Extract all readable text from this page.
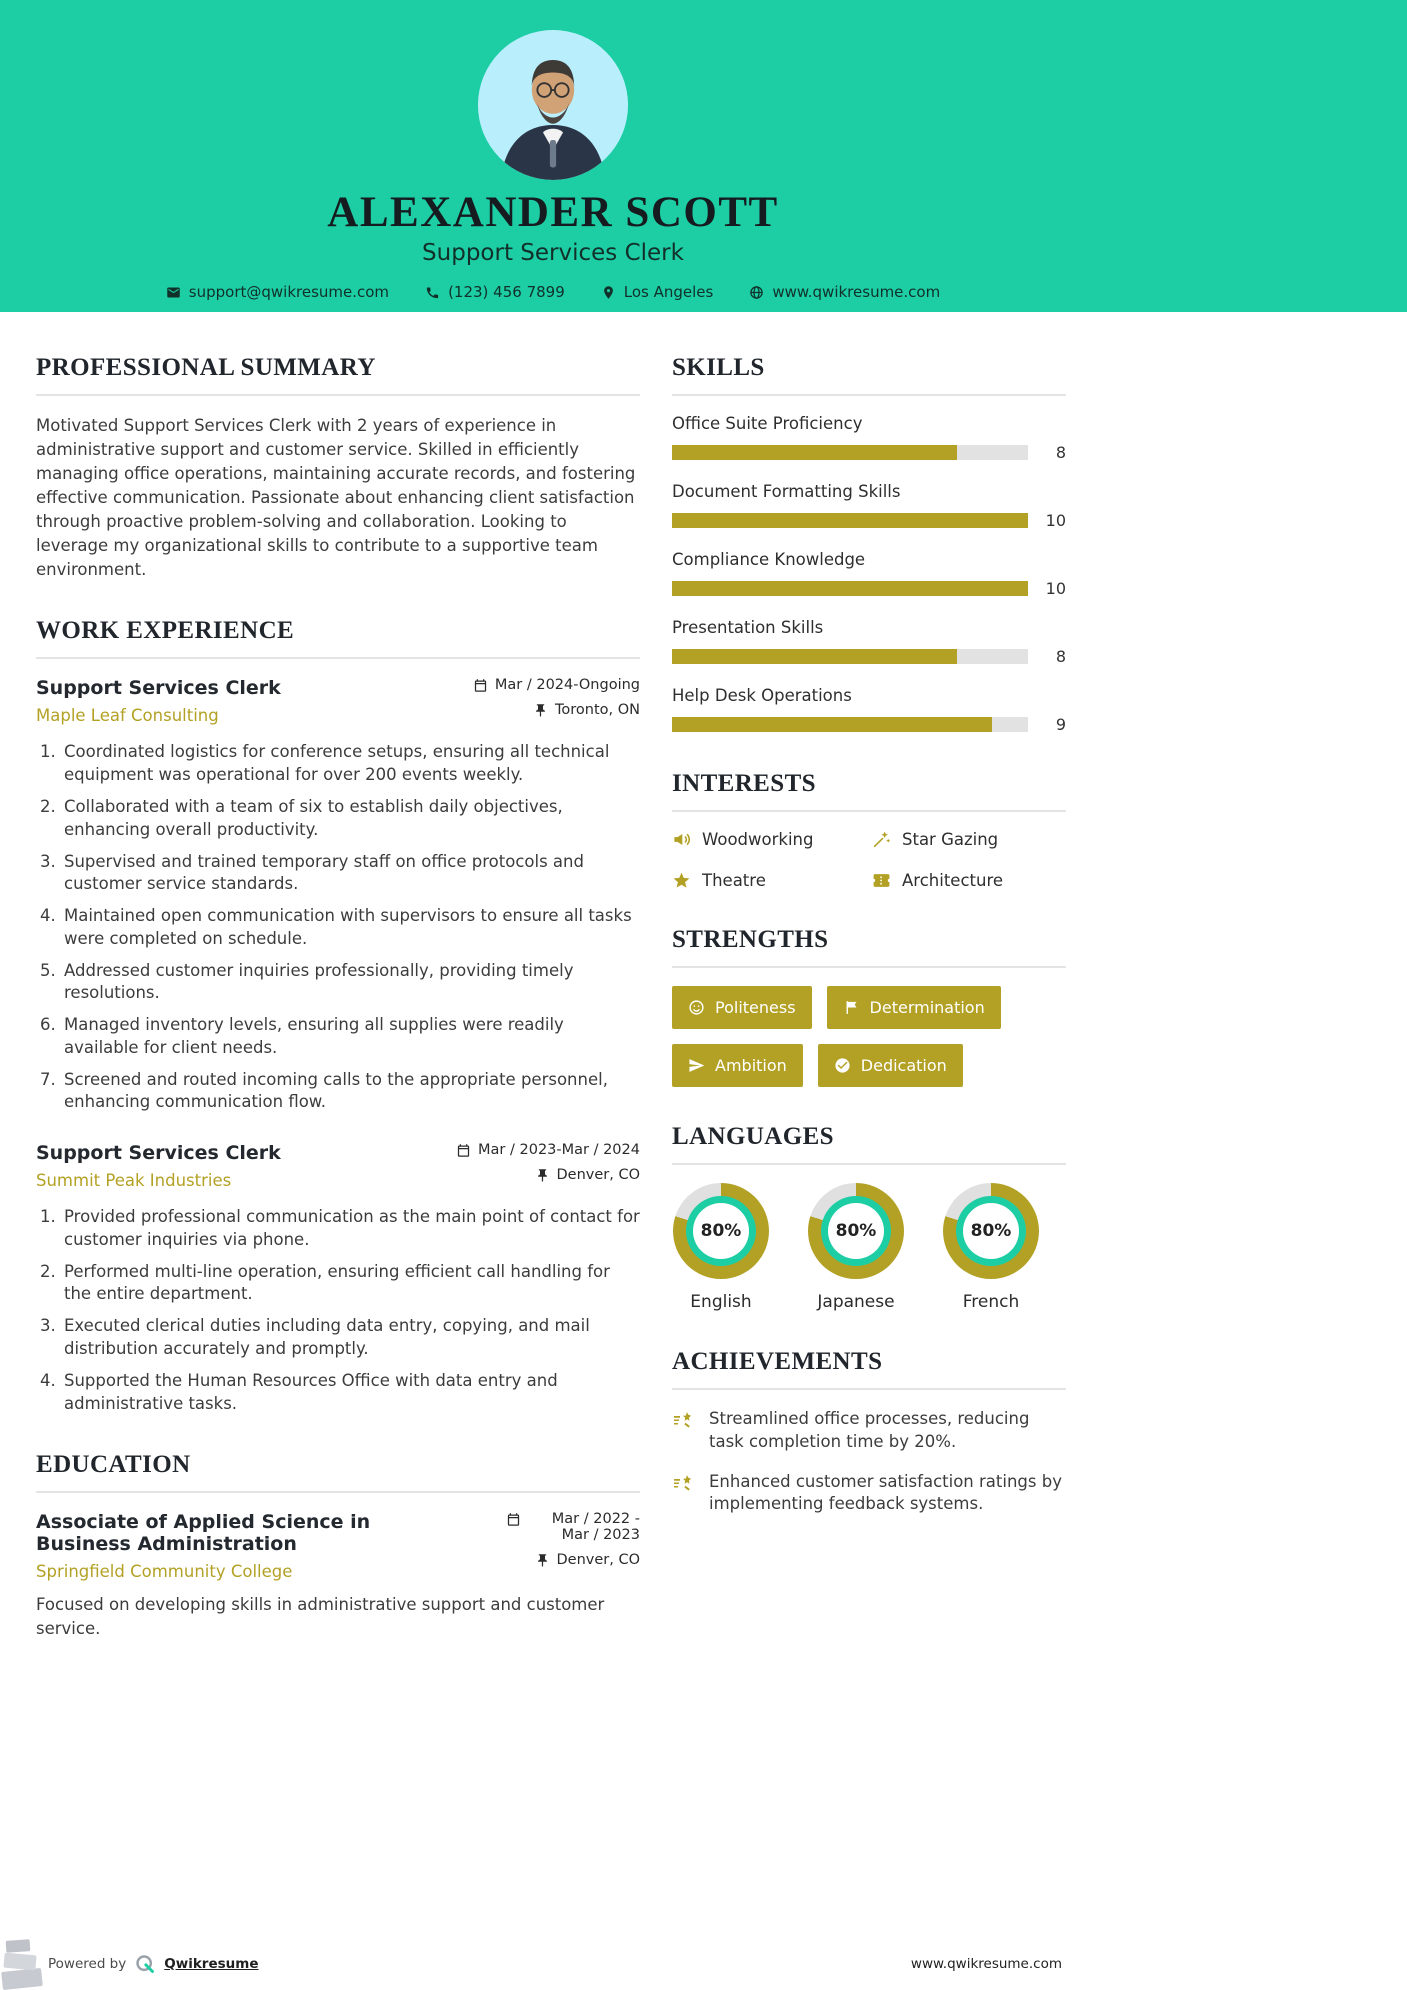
ALEXANDER SCOTT
Support Services Clerk
support@qwikresume.com	(123) 456 7899	Los Angeles	www.qwikresume.com
PROFESSIONAL SUMMARY

Motivated Support Services Clerk with 2 years of experience in administrative support and customer service. Skilled in efficiently managing office operations, maintaining accurate records, and fostering effective communication. Passionate about enhancing client satisfaction through proactive problem-solving and collaboration. Looking to leverage my organizational skills to contribute to a supportive team environment.

WORK EXPERIENCE
Support Services Clerk
Maple Leaf Consulting
Mar / 2024-Ongoing
Toronto, ON
1. Coordinated logistics for conference setups, ensuring all technical equipment was operational for over 200 events weekly.
2. Collaborated with a team of six to establish daily objectives, enhancing overall productivity.
3. Supervised and trained temporary staff on office protocols and customer service standards.
4. Maintained open communication with supervisors to ensure all tasks were completed on schedule.
5. Addressed customer inquiries professionally, providing timely resolutions.
6. Managed inventory levels, ensuring all supplies were readily available for client needs.
7. Screened and routed incoming calls to the appropriate personnel, enhancing communication flow.
Support Services Clerk
Summit Peak Industries
Mar / 2023-Mar / 2024
Denver, CO
1. Provided professional communication as the main point of contact for customer inquiries via phone.
2. Performed multi-line operation, ensuring efficient call handling for the entire department.
3. Executed clerical duties including data entry, copying, and mail distribution accurately and promptly.
4. Supported the Human Resources Office with data entry and administrative tasks.
EDUCATION
Associate of Applied Science in Business Administration
Springfield Community College
Mar / 2022 - Mar / 2023
Denver, CO

Focused on developing skills in administrative support and customer service.

SKILLS
Office Suite Proficiency
8
Document Formatting Skills
10
Compliance Knowledge
10
Presentation Skills
8
Help Desk Operations
9
INTERESTS
Woodworking	Star Gazing
Theatre	Architecture
STRENGTHS
Politeness	Determination
Ambition	Dedication
LANGUAGES
80%
English
80%
Japanese
80%
French
ACHIEVEMENTS
Streamlined office processes, reducing task completion time by 20%.
Enhanced customer satisfaction ratings by implementing feedback systems.
Powered by	Qwikresume	www.qwikresume.com
